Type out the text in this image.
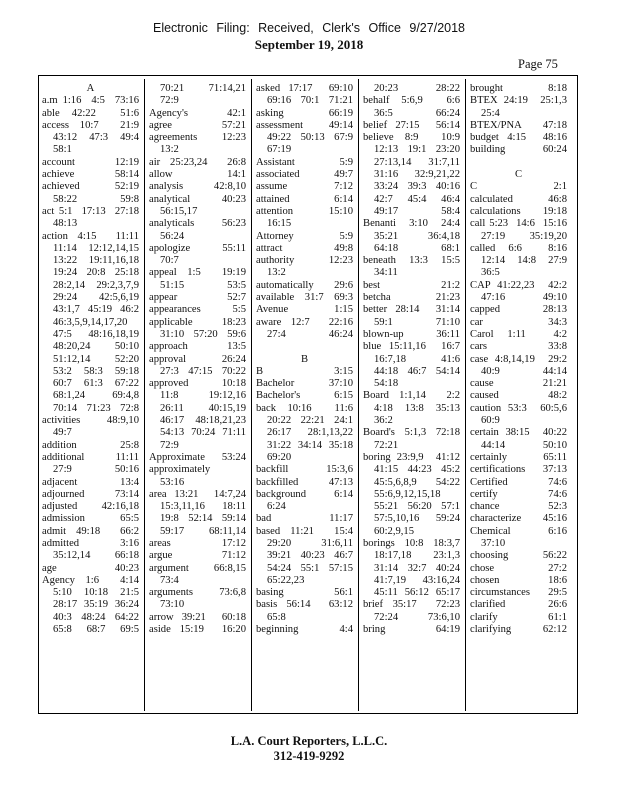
Electronic Filing: Received, Clerk's Office 9/27/2018
September 19, 2018
Page 75
A
a.m 1:16  4:5  73:16
able 42:22  51:6
access 10:7  21:9
43:12  47:3  49:4
58:1
account 12:19
achieve 58:14
achieved 52:19
58:22  59:8
act 5:1  17:13  27:18
48:13
action 4:15  11:11
11:14  12:12,14,15
13:22  19:11,16,18
19:24  20:8  25:18
28:2,14  29:2,3,7,9
29:24  42:5,6,19
43:1,7  45:19  46:2
46:3,5,9,14,17,20
47:5  48:16,18,19
48:20,24  50:10
51:12,14  52:20
53:2  58:3  59:18
60:7  61:3  67:22
68:1,24  69:4,8
70:14  71:23  72:8
activities 48:9,10
49:7
addition 25:8
additional 11:11
27:9  50:16
adjacent 13:4
adjourned 73:14
adjusted 42:16,18
admission 65:5
admit 49:18  66:2
admitted 3:16
35:12,14  66:18
age 40:23
Agency 1:6  4:14
5:10  10:18  21:5
28:17  35:19  36:24
40:3  48:24  64:22
65:8  68:7  69:5
70:21  71:14,21
72:9
Agency's 42:1
agree 57:21
agreements  12:23
13:2
air 25:23,24  26:8
allow 14:1
analysis 42:8,10
analytical  40:23
56:15,17
analyticals  56:23
56:24
apologize 55:11
70:7
appeal 1:5  19:19
51:15  53:5
appear 52:7
appearances  5:5
applicable  18:23
31:10  57:20  59:6
approach  13:5
approval  26:24
27:3  47:15  70:22
approved  10:18
11:8  19:12,16
26:11  40:15,19
46:17  48:18,21,23
54:13  70:24  71:11
72:9
Approximate  53:24
approximately
53:16
area 13:21  14:7,24
15:3,11,16  18:11
19:8  52:14  59:14
59:17  68:11,14
areas 17:12
argue 71:12
argument  66:8,15
73:4
arguments  73:6,8
73:10
arrow 39:21  60:18
aside 15:19  16:20
asked 17:17  69:10
69:16  70:1  71:21
asking 66:19
assessment  49:14
49:22  50:13  67:9
67:19
Assistant 5:9
associated  49:7
assume 7:12
attained  6:14
attention  15:10
16:15
Attorney 5:9
attract 49:8
authority  12:23
13:2
automatically  29:6
available  31:7  69:3
Avenue 1:15
aware 12:7  22:16
27:4  46:24
B
B 3:15
Bachelor  37:10
Bachelor's  6:15
back 10:16  11:6
20:22  22:21  24:1
26:17  28:1,13,22
31:22  34:14  35:18
69:20
backfill 15:3,6
backfilled  47:13
background  6:14
6:24
bad 11:17
based 11:21  15:4
29:20  31:6,11
39:21  40:23  46:7
54:24  55:1  57:15
65:22,23
basing 56:1
basis 56:14  63:12
65:8
beginning  4:4
20:23  28:22
behalf 5:6,9  6:6
36:5  66:24
belief 27:15  56:14
believe 8:9  10:9
12:13  19:1  23:20
27:13,14  31:7,11
31:16  32:9,21,22
33:24  39:3  40:16
42:7  45:4  46:4
49:17  58:4
Benanti  3:10  24:4
35:21  36:4,18
64:18  68:1
beneath  13:3  15:5
34:11
best 21:2
betcha 21:23
better 28:14  31:14
59:1  71:10
blown-up  36:11
blue 15:11,16  16:7
16:7,18  41:6
44:18  46:7  54:14
54:18
Board 1:1,14  2:2
4:18  13:8  35:13
36:2
Board's  5:1,3  72:18
72:21
boring 23:9,9  41:12
41:15  44:23  45:2
45:5,6,8,9  54:22
55:6,9,12,15,18
55:21  56:20  57:1
57:5,10,16  59:24
60:2,9,15
borings  10:8  18:3,7
18:17,18  23:1,3
31:14  32:7  40:24
41:7,19  43:16,24
45:11  56:12  65:17
brief 35:17  72:23
72:24  73:6,10
bring 64:19
brought  8:18
BTEX 24:19  25:1,3
25:4
BTEX/PNA  47:18
budget 4:15  48:16
building 60:24
C
C 2:1
calculated  46:8
calculations  19:18
call 5:23  14:6  15:16
27:19  35:19,20
called 6:6  8:16
12:14  14:8  27:9
36:5
CAP 41:22,23  42:2
47:16  49:10
capped 28:13
car 34:3
Carol 1:11  4:2
cars 33:8
case 4:8,14,19  29:2
40:9  44:14
cause 21:21
caused 48:2
caution 53:3  60:5,6
60:9
certain 38:15  40:22
44:14  50:10
certainly  65:11
certifications  37:13
Certified  74:6
certify 74:6
chance 52:3
characterize  45:16
Chemical  6:16
37:10
choosing  56:22
chose 27:2
chosen 18:6
circumstances  29:5
clarified  26:6
clarify 61:1
clarifying  62:12
L.A. Court Reporters, L.L.C.
312-419-9292
